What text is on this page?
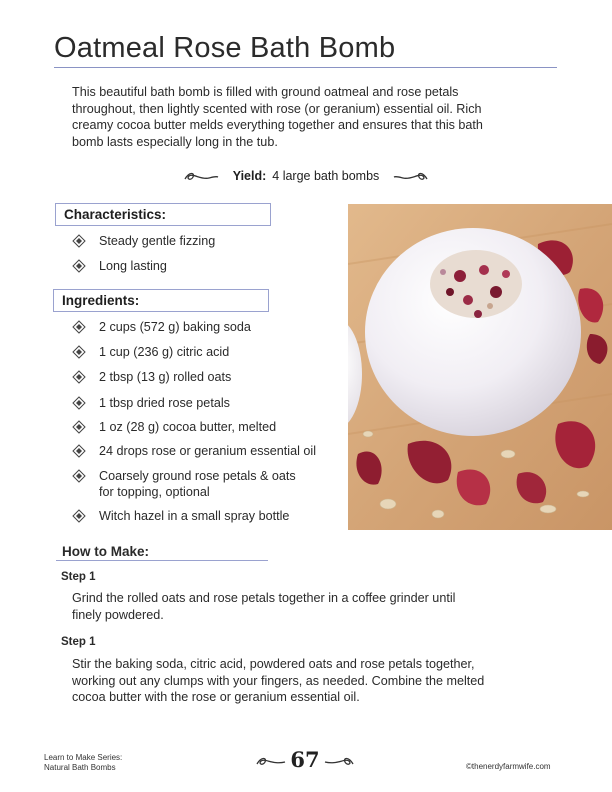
Oatmeal Rose Bath Bomb
This beautiful bath bomb is filled with ground oatmeal and rose petals
throughout, then lightly scented with rose (or geranium) essential oil. Rich
creamy cocoa butter melds everything together and ensures that this bath
bomb lasts especially long in the tub.
Yield: 4 large bath bombs
Characteristics:
Steady gentle fizzing
Long lasting
Ingredients:
2 cups (572 g) baking soda
1 cup (236 g) citric acid
2 tbsp (13 g) rolled oats
1 tbsp dried rose petals
1 oz (28 g) cocoa butter, melted
24 drops rose or geranium essential oil
Coarsely ground rose petals & oats
for topping, optional
Witch hazel in a small spray bottle
How to Make:
Step 1
Grind the rolled oats and rose petals together in a coffee grinder until
finely powdered.
Step 1
Stir the baking soda, citric acid, powdered oats and rose petals together,
working out any clumps with your fingers, as needed. Combine the melted
cocoa butter with the rose or geranium essential oil.
Learn to Make Series:
Natural Bath Bombs	67	©thenerdyfarmwife.com
